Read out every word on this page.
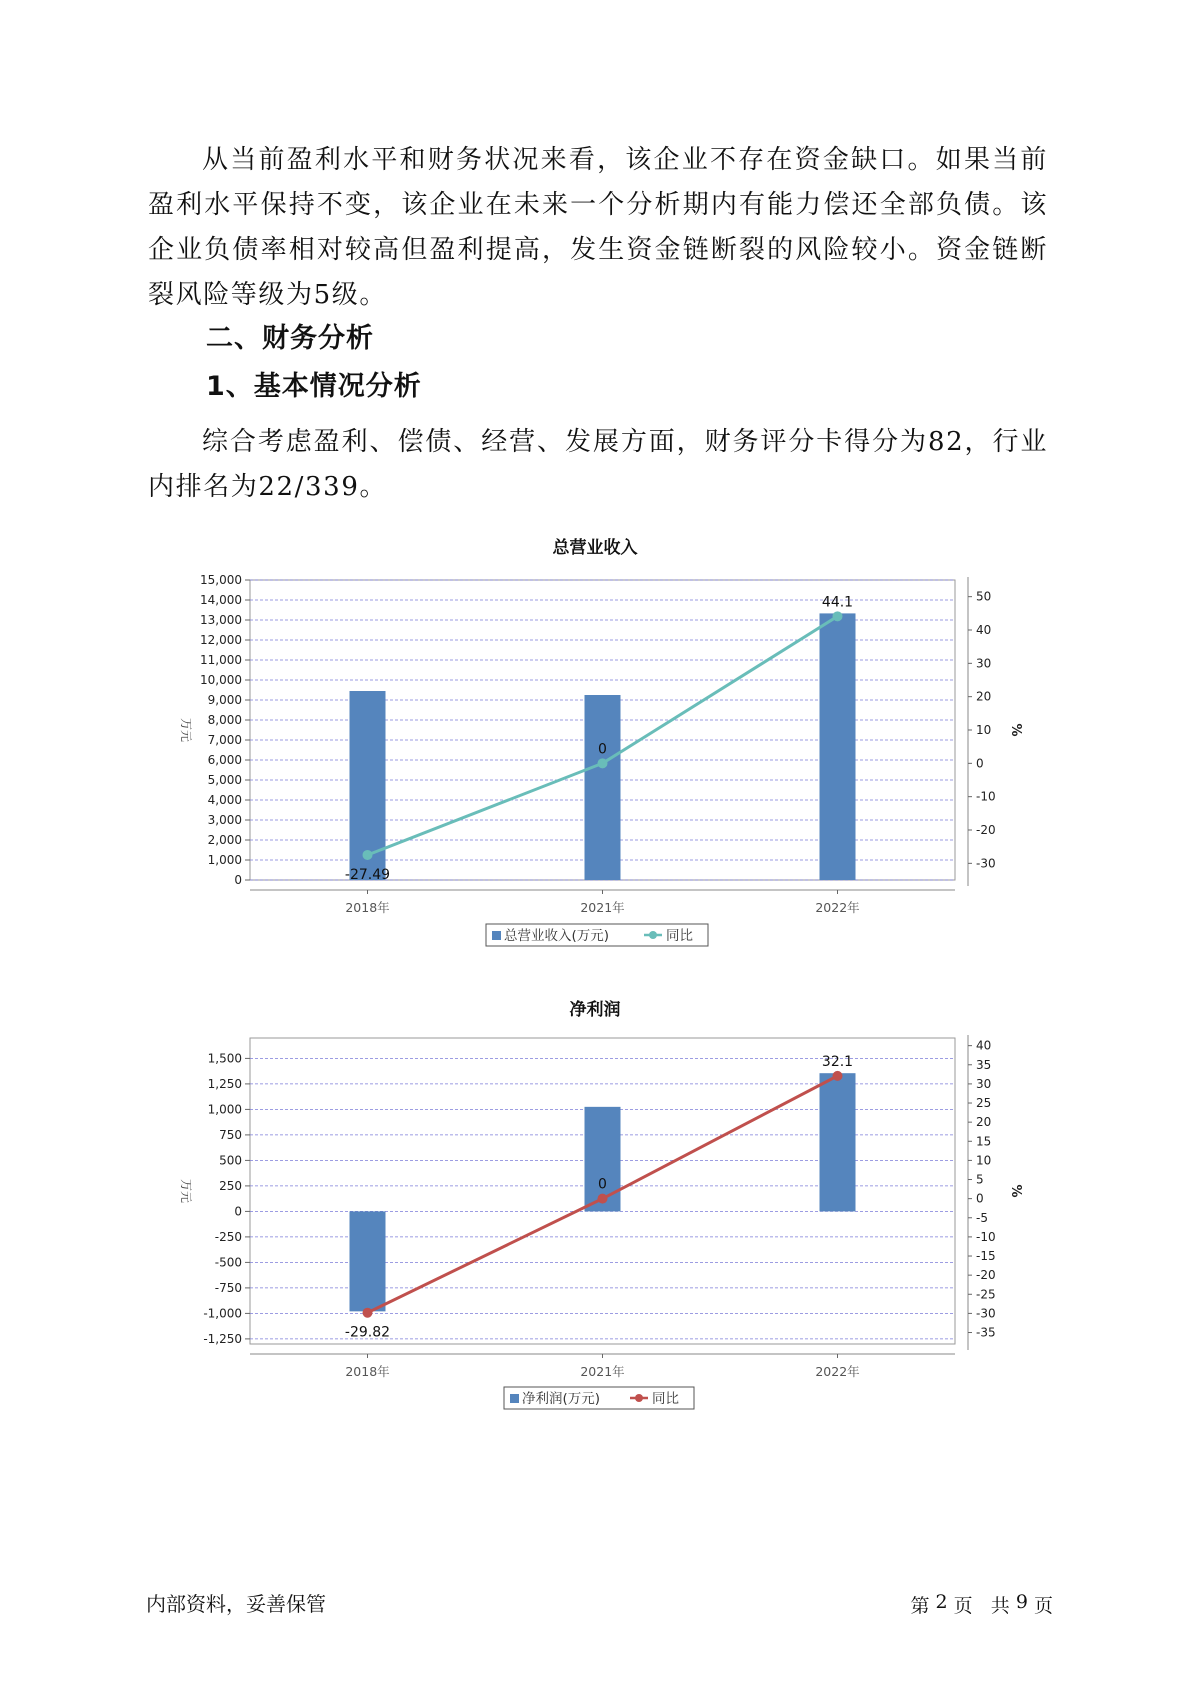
从当前盈利水平和财务状况来看，该企业不存在资金缺口。如果当前盈利水平保持不变，该企业在未来一个分析期内有能力偿还全部负债。该企业负债率相对较高但盈利提高，发生资金链断裂的风险较小。资金链断裂风险等级为5级。
二、财务分析
1、基本情况分析
综合考虑盈利、偿债、经营、发展方面，财务评分卡得分为82，行业内排名为22/339。
总营业收入
0
1,000
2,000
3,000
4,000
5,000
6,000
7,000
8,000
9,000
10,000
11,000
12,000
13,000
14,000
15,000
-30
-20
-10
0
10
20
30
40
50
2018年	2021年	2022年
万元	%
-27.49
0
44.1
总营业收入(万元)	同比
净利润
-1,250
-1,000
-750
-500
-250
0
250
500
750
1,000
1,250
1,500
-35
-30
-25
-20
-15
-10
-5
0
5
10
15
20
25
30
35
40
2018年	2021年	2022年
万元	%
-29.82
0
32.1
净利润(万元)	同比
内部资料，妥善保管	第
2
页
共
9
页
